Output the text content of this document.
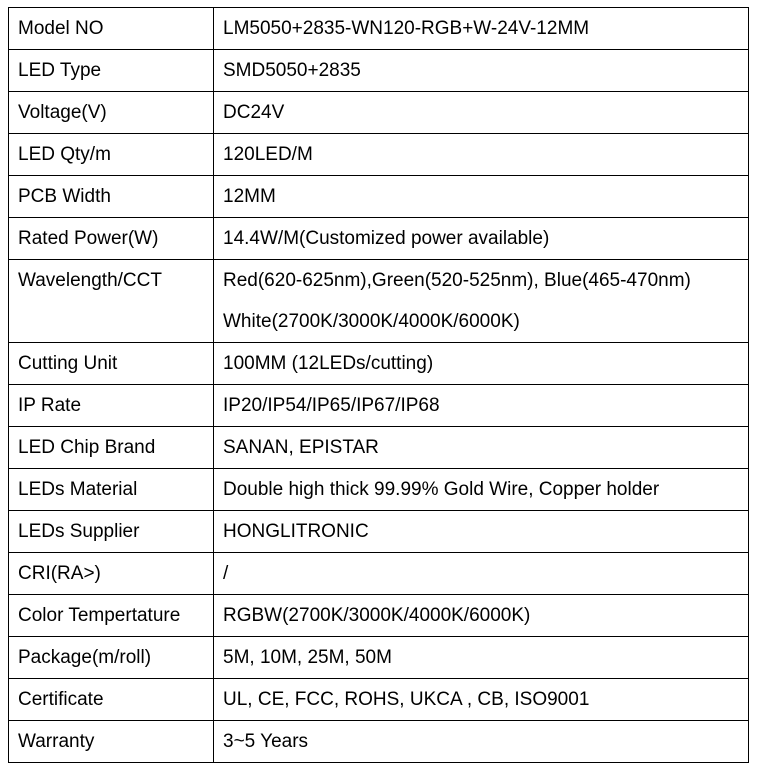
Model NO	LM5050+2835-WN120-RGB+W-24V-12MM

LED Type	SMD5050+2835

Voltage(V)	DC24V

LED Qty/m	120LED/M

PCB Width	12MM

Rated Power(W)	14.4W/M(Customized power available)

Wavelength/CCT	Red(620-625nm),Green(520-525nm), Blue(465-470nm)
White(2700K/3000K/4000K/6000K)

Cutting Unit	100MM (12LEDs/cutting)

IP Rate	IP20/IP54/IP65/IP67/IP68

LED Chip Brand	SANAN, EPISTAR

LEDs Material	Double high thick 99.99% Gold Wire, Copper holder

LEDs Supplier	HONGLITRONIC

CRI(RA>)	/

Color Tempertature	RGBW(2700K/3000K/4000K/6000K)

Package(m/roll)	5M, 10M, 25M, 50M

Certificate	UL, CE, FCC, ROHS, UKCA , CB, ISO9001

Warranty	3~5 Years
